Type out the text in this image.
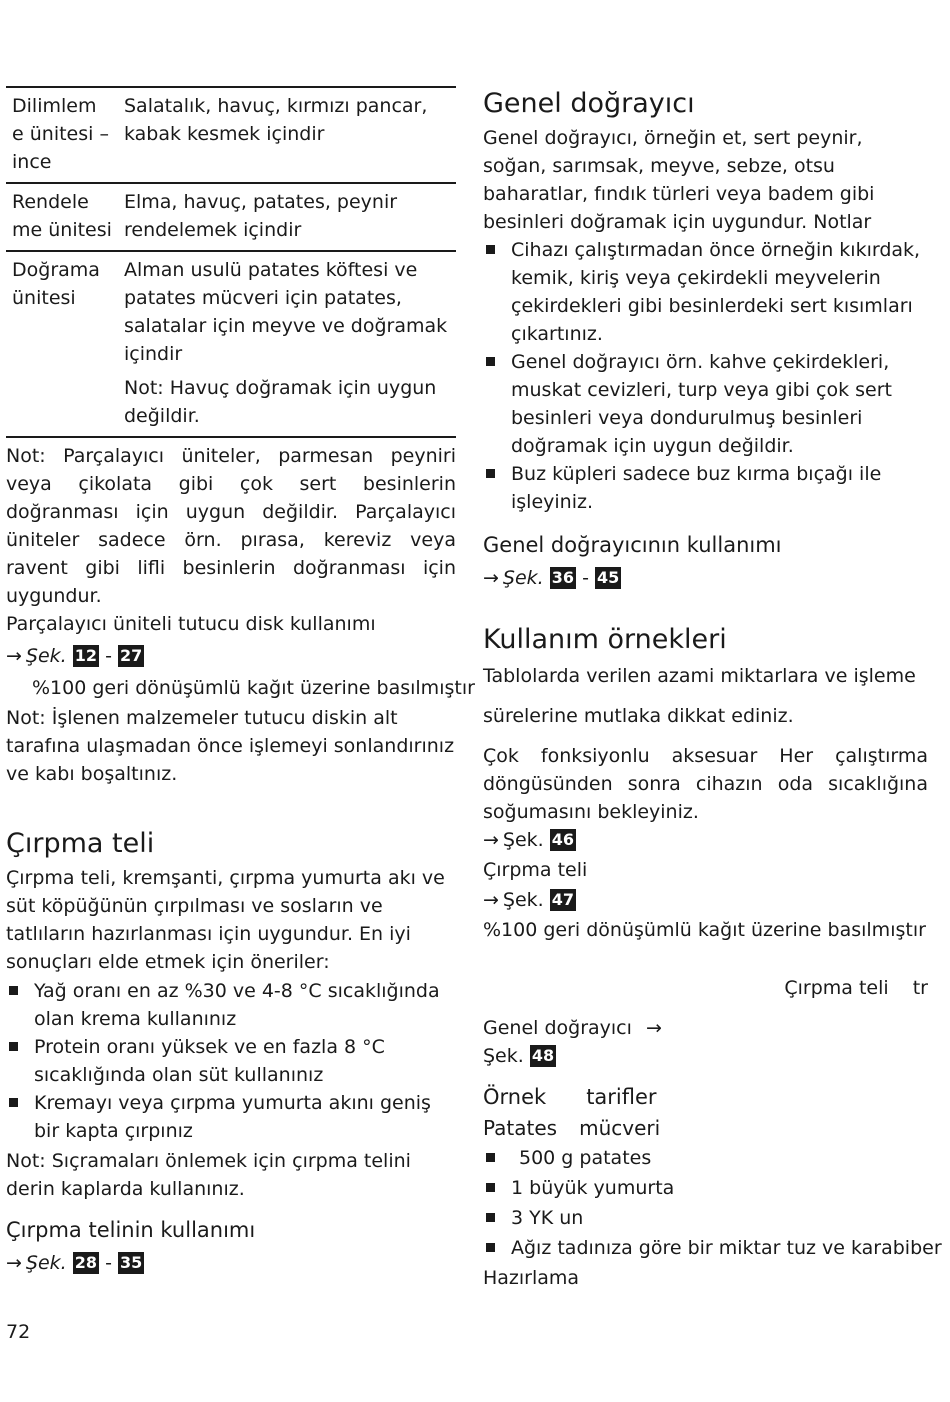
Dilimlem e ünitesi – ince	Salatalık, havuç, kırmızı pancar, kabak kesmek içindir

Rendele me ünitesi	Elma, havuç, patates, peynir rendelemek içindir

Doğrama ünitesi	Alman usulü patates köftesi ve patates mücveri için patates, salatalar için meyve ve doğramak içindir

Not: Havuç doğramak için uygun değildir.

Not: Parçalayıcı üniteler, parmesan peyniri veya çikolata gibi çok sert besinlerin doğranması için uygun değildir. Parçalayıcı üniteler sadece örn. pırasa, kereviz veya ravent gibi lifli besinlerin doğranması için uygundur.

Parçalayıcı üniteli tutucu disk kullanımı

→ Şek. 12 - 27

%100 geri dönüşümlü kağıt üzerine basılmıştır

Not: İşlenen malzemeler tutucu diskin alt tarafına ulaşmadan önce işlemeyi sonlandırınız ve kabı boşaltınız.

Çırpma teli

Çırpma teli, kremşanti, çırpma yumurta akı ve süt köpüğünün çırpılması ve sosların ve tatlıların hazırlanması için uygundur. En iyi sonuçları elde etmek için öneriler:

Yağ oranı en az %30 ve 4-8 °C sıcaklığında olan krema kullanınız
Protein oranı yüksek ve en fazla 8 °C sıcaklığında olan süt kullanınız
Kremayı veya çırpma yumurta akını geniş bir kapta çırpınız

Not: Sıçramaları önlemek için çırpma telini derin kaplarda kullanınız.

Çırpma telinin kullanımı

→ Şek. 28 - 35

Genel doğrayıcı

Genel doğrayıcı, örneğin et, sert peynir, soğan, sarımsak, meyve, sebze, otsu baharatlar, fındık türleri veya badem gibi besinleri doğramak için uygundur. Notlar

Cihazı çalıştırmadan önce örneğin kıkırdak, kemik, kiriş veya çekirdekli meyvelerin çekirdekleri gibi besinlerdeki sert kısımları çıkartınız.
Genel doğrayıcı örn. kahve çekirdekleri, muskat cevizleri, turp veya gibi çok sert besinleri veya dondurulmuş besinleri doğramak için uygun değildir.
Buz küpleri sadece buz kırma bıçağı ile işleyiniz.
Genel doğrayıcının kullanımı

→ Şek. 36 - 45

Kullanım örnekleri

Tablolarda verilen azami miktarlara ve işleme

sürelerine mutlaka dikkat ediniz.

Çok fonksiyonlu aksesuar Her çalıştırma döngüsünden sonra cihazın oda sıcaklığına soğumasını bekleyiniz.

→ Şek. 46

Çırpma teli

→ Şek. 47

%100 geri dönüşümlü kağıt üzerine basılmıştır

Çırpma teli tr

Genel doğrayıcı →

Şek. 48

Örnek tarifler

Patates mücveri

500 g patates
1 büyük yumurta
3 YK un
Ağız tadınıza göre bir miktar tuz ve karabiber

Hazırlama

72
